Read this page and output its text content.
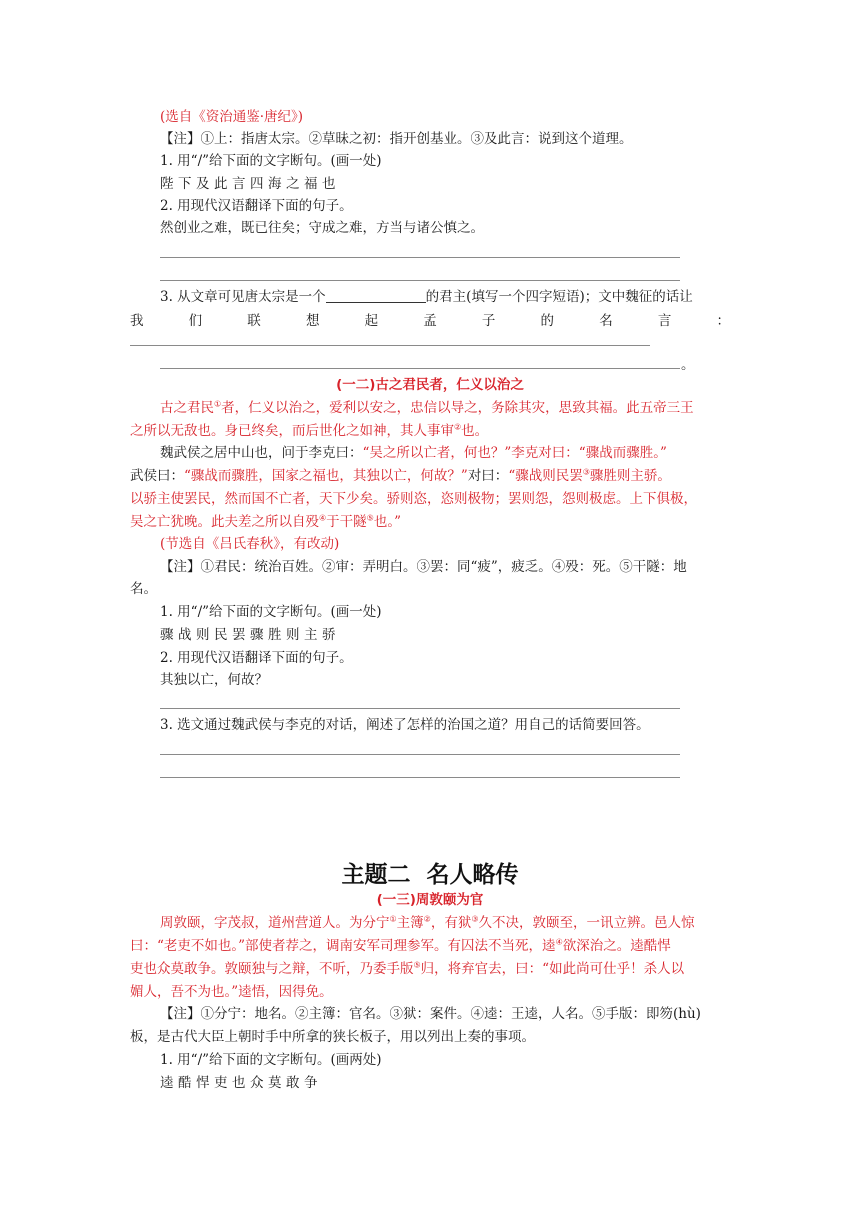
(选自《资治通鉴·唐纪》)
【注】①上：指唐太宗。②草昧之初：指开创基业。③及此言：说到这个道理。
1. 用“/”给下面的文字断句。(画一处)
陛下及此言四海之福也
2. 用现代汉语翻译下面的句子。
然创业之难，既已往矣；守成之难，方当与诸公慎之。
3. 从文章可见唐太宗是一个	的君主(填写一个四字短语)；文中魏征的话让
我们联想起孟子的名言：
。
(一二)古之君民者，仁义以治之
古之君民①者，仁义以治之，爱利以安之，忠信以导之，务除其灾，思致其福。此五帝三王
之所以无敌也。身已终矣，而后世化之如神，其人事审②也。
魏武侯之居中山也，问于李克曰：“吴之所以亡者，何也？”李克对曰：“骤战而骤胜。”
武侯曰：“骤战而骤胜，国家之福也，其独以亡，何故？”对曰：“骤战则民罢③骤胜则主骄。
以骄主使罢民，然而国不亡者，天下少矣。骄则恣，恣则极物；罢则怨，怨则极虑。上下俱极，
吴之亡犹晚。此夫差之所以自殁④于干隧⑤也。”
(节选自《吕氏春秋》，有改动)
【注】①君民：统治百姓。②审：弄明白。③罢：同“疲”，疲乏。④殁：死。⑤干隧：地
名。
1. 用“/”给下面的文字断句。(画一处)
骤战则民罢骤胜则主骄
2. 用现代汉语翻译下面的句子。
其独以亡，何故？
3. 选文通过魏武侯与李克的对话，阐述了怎样的治国之道？用自己的话简要回答。
主题二 名人略传
(一三)周敦颐为官
周敦颐，字茂叔，道州营道人。为分宁①主簿②，有狱③久不决，敦颐至，一讯立辨。邑人惊
曰：“老吏不如也。”部使者荐之，调南安军司理参军。有囚法不当死，逵④欲深治之。逵酷悍
吏也众莫敢争。敦颐独与之辩，不听，乃委手版⑤归，将弃官去，曰：“如此尚可仕乎！杀人以
媚人，吾不为也。”逵悟，因得免。
【注】①分宁：地名。②主簿：官名。③狱：案件。④逵：王逵，人名。⑤手版：即笏(hù)
板，是古代大臣上朝时手中所拿的狭长板子，用以列出上奏的事项。
1. 用“/”给下面的文字断句。(画两处)
逵酷悍吏也众莫敢争
